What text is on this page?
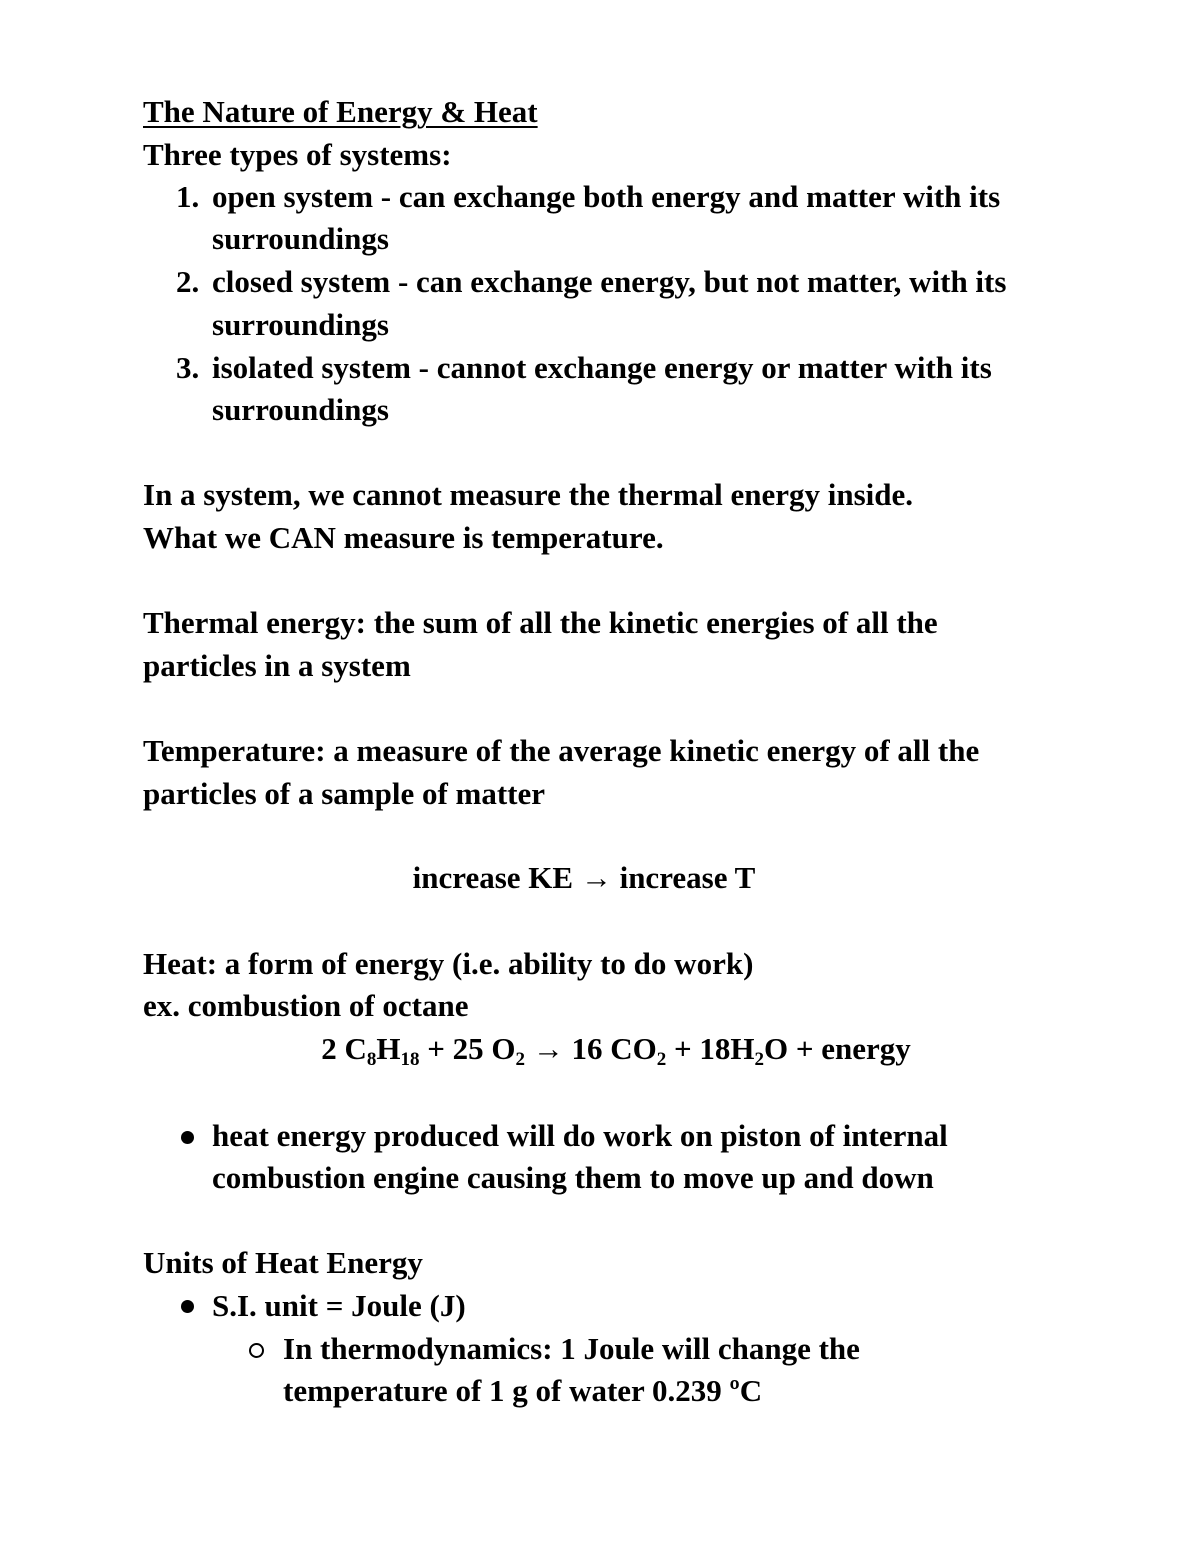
The Nature of Energy & Heat
Three types of systems:
1. open system - can exchange both energy and matter with its
surroundings
2. closed system - can exchange energy, but not matter, with its
surroundings
3. isolated system - cannot exchange energy or matter with its
surroundings
In a system, we cannot measure the thermal energy inside.
What we CAN measure is temperature.
Thermal energy: the sum of all the kinetic energies of all the
particles in a system
Temperature: a measure of the average kinetic energy of all the
particles of a sample of matter
increase KE → increase T
Heat: a form of energy (i.e. ability to do work)
ex. combustion of octane
2 $C_8H_{18} + 25$ $O_2 \to 16$ $CO_2 + 18H_2O$ + energy
heat energy produced will do work on piston of internal
combustion engine causing them to move up and down
Units of Heat Energy
S.I. unit = Joule (J)
In thermodynamics: 1 Joule will change the
temperature of 1 g of water 0.239 ºC
